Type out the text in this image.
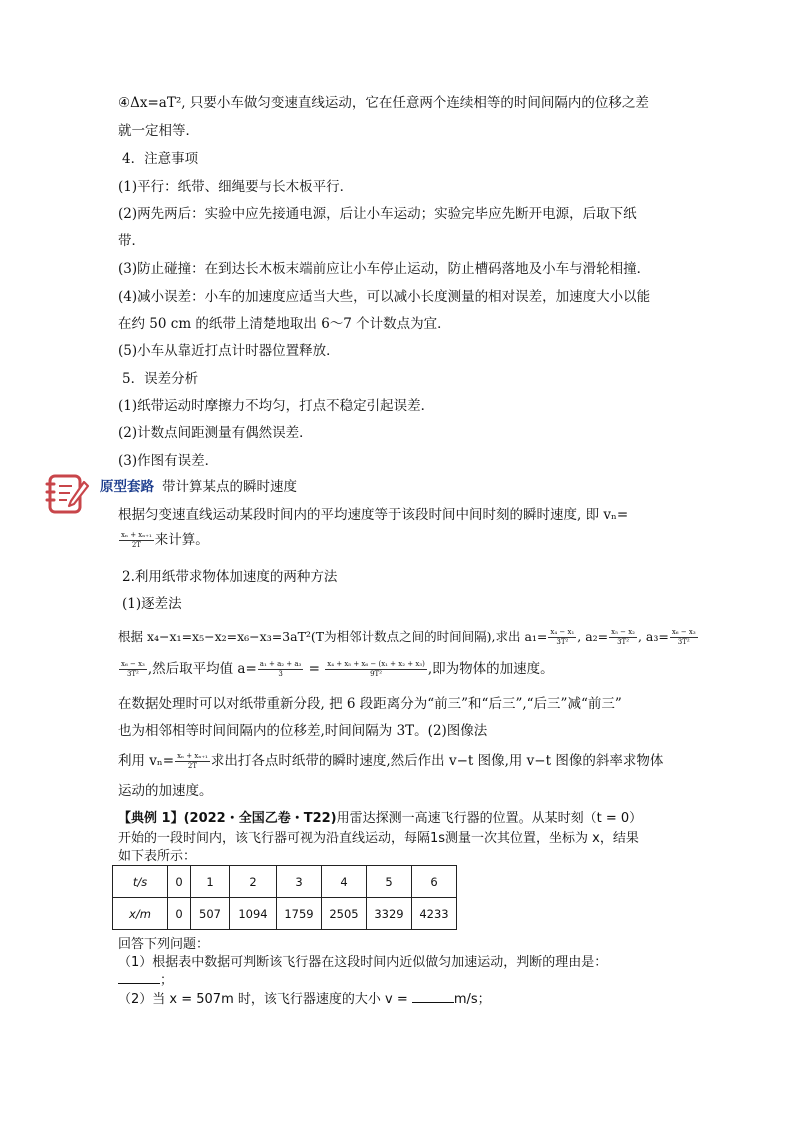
④Δx=aT², 只要小车做匀变速直线运动，它在任意两个连续相等的时间间隔内的位移之差
就一定相等．
4．注意事项
(1)平行：纸带、细绳要与长木板平行．
(2)两先两后：实验中应先接通电源，后让小车运动；实验完毕应先断开电源，后取下纸
带．
(3)防止碰撞：在到达长木板末端前应让小车停止运动，防止槽码落地及小车与滑轮相撞．
(4)减小误差：小车的加速度应适当大些，可以减小长度测量的相对误差，加速度大小以能
在约 50 cm 的纸带上清楚地取出 6～7 个计数点为宜．
(5)小车从靠近打点计时器位置释放．
5．误差分析
(1)纸带运动时摩擦力不均匀，打点不稳定引起误差．
(2)计数点间距测量有偶然误差．
(3)作图有误差．
原型套路 带计算某点的瞬时速度
根据匀变速直线运动某段时间内的平均速度等于该段时间中间时刻的瞬时速度, 即 vₙ=
$\frac{\text{xₙ + xₙ₊₁}}{2T}$ 来计算。
2.利用纸带求物体加速度的两种方法
(1)逐差法
根据 x₄−x₁=x₅−x₂=x₆−x₃=3aT²(T为相邻计数点之间的时间间隔),求出 $a_1= \frac{\text{x₄ − x₁}}{\text{3T²}}$ , $a_2= \frac{\text{x₅ − x₂}}{\text{3T²}}$ , $a_3= \frac{\text{x₆ − x₃}}{\text{3T²}}$
$\frac{\text{x₆ − x₃}}{\text{3T²}}$ ,然后取平均值 $a= \frac{\text{a₁ + a₂ + a₃}}{3} = \frac{\text{x₄ + x₅ + x₆ − (x₁ + x₂ + x₃)}}{\text{9T²}}$ ,即为物体的加速度。
在数据处理时可以对纸带重新分段, 把 6 段距离分为“前三”和“后三”,“后三”减“前三”
也为相邻相等时间间隔内的位移差,时间间隔为 3T。(2)图像法
利用 $v_n= \frac{\text{xₙ + xₙ₊₁}}{2T}$ 求出打各点时纸带的瞬时速度,然后作出 v−t 图像,用 v−t 图像的斜率求物体
运动的加速度。
【典例 1】(2022・全国乙卷・T22)用雷达探测一高速飞行器的位置。从某时刻（t = 0）
开始的一段时间内，该飞行器可视为沿直线运动，每隔1s测量一次其位置，坐标为 x，结果
如下表所示：
t/s	0	1	2	3	4	5	6
x/m	0	507	1094	1759	2505	3329	4233
回答下列问题：
（1）根据表中数据可判断该飞行器在这段时间内近似做匀加速运动，判断的理由是：
；
（2）当 x = 507m 时，该飞行器速度的大小 v =	m/s；
